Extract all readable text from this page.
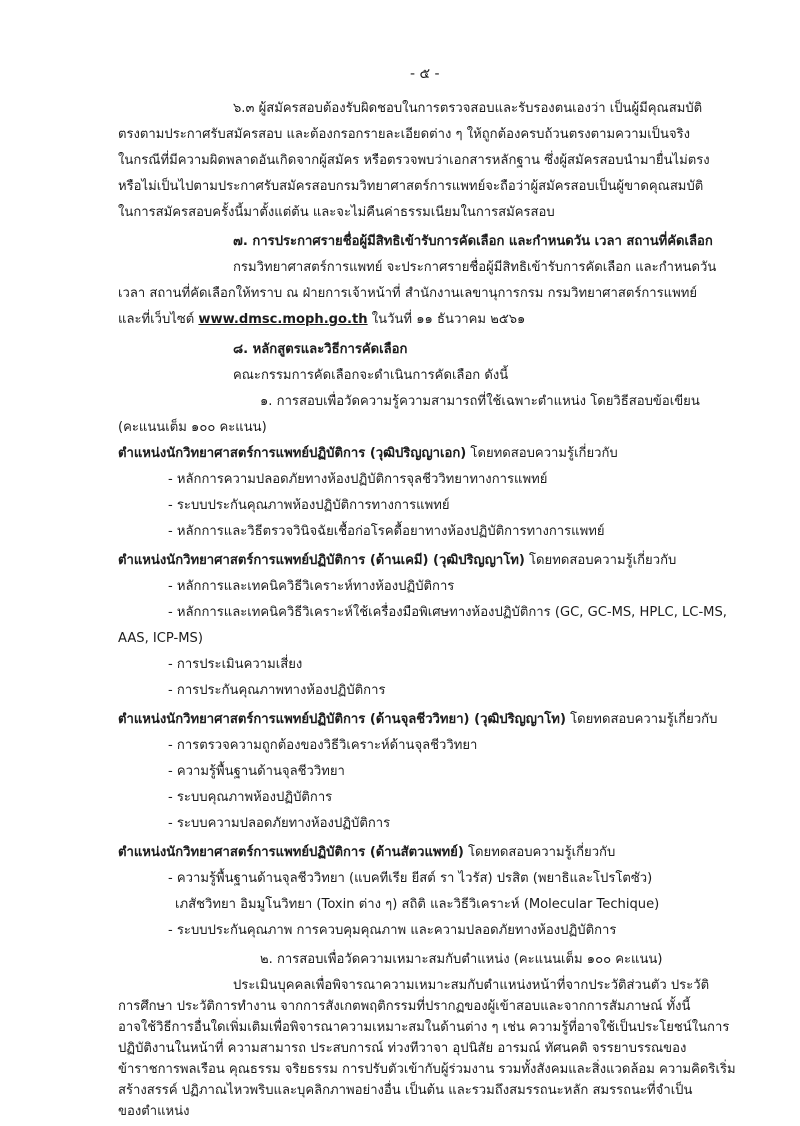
- ๕ -
๖.๓ ผู้สมัครสอบต้องรับผิดชอบในการตรวจสอบและรับรองตนเองว่า เป็นผู้มีคุณสมบัติ
ตรงตามประกาศรับสมัครสอบ และต้องกรอกรายละเอียดต่าง ๆ ให้ถูกต้องครบถ้วนตรงตามความเป็นจริง
ในกรณีที่มีความผิดพลาดอันเกิดจากผู้สมัคร หรือตรวจพบว่าเอกสารหลักฐาน ซึ่งผู้สมัครสอบนำมายื่นไม่ตรง
หรือไม่เป็นไปตามประกาศรับสมัครสอบกรมวิทยาศาสตร์การแพทย์จะถือว่าผู้สมัครสอบเป็นผู้ขาดคุณสมบัติ
ในการสมัครสอบครั้งนี้มาตั้งแต่ต้น และจะไม่คืนค่าธรรมเนียมในการสมัครสอบ
๗. การประกาศรายชื่อผู้มีสิทธิเข้ารับการคัดเลือก และกำหนดวัน เวลา สถานที่คัดเลือก
กรมวิทยาศาสตร์การแพทย์ จะประกาศรายชื่อผู้มีสิทธิเข้ารับการคัดเลือก และกำหนดวัน
เวลา สถานที่คัดเลือกให้ทราบ ณ ฝ่ายการเจ้าหน้าที่ สำนักงานเลขานุการกรม กรมวิทยาศาสตร์การแพทย์
และที่เว็บไซต์ www.dmsc.moph.go.th ในวันที่ ๑๑ ธันวาคม ๒๕๖๑
๘. หลักสูตรและวิธีการคัดเลือก
คณะกรรมการคัดเลือกจะดำเนินการคัดเลือก ดังนี้
๑. การสอบเพื่อวัดความรู้ความสามารถที่ใช้เฉพาะตำแหน่ง โดยวิธีสอบข้อเขียน
(คะแนนเต็ม ๑๐๐ คะแนน)
ตำแหน่งนักวิทยาศาสตร์การแพทย์ปฏิบัติการ (วุฒิปริญญาเอก) โดยทดสอบความรู้เกี่ยวกับ
- หลักการความปลอดภัยทางห้องปฏิบัติการจุลชีววิทยาทางการแพทย์
- ระบบประกันคุณภาพห้องปฏิบัติการทางการแพทย์
- หลักการและวิธีตรวจวินิจฉัยเชื้อก่อโรคดื้อยาทางห้องปฏิบัติการทางการแพทย์
ตำแหน่งนักวิทยาศาสตร์การแพทย์ปฏิบัติการ (ด้านเคมี) (วุฒิปริญญาโท) โดยทดสอบความรู้เกี่ยวกับ
- หลักการและเทคนิควิธีวิเคราะห์ทางห้องปฏิบัติการ
- หลักการและเทคนิควิธีวิเคราะห์ใช้เครื่องมือพิเศษทางห้องปฏิบัติการ (GC, GC-MS, HPLC, LC-MS,
AAS, ICP-MS)
- การประเมินความเสี่ยง
- การประกันคุณภาพทางห้องปฏิบัติการ
ตำแหน่งนักวิทยาศาสตร์การแพทย์ปฏิบัติการ (ด้านจุลชีววิทยา) (วุฒิปริญญาโท) โดยทดสอบความรู้เกี่ยวกับ
- การตรวจความถูกต้องของวิธีวิเคราะห์ด้านจุลชีววิทยา
- ความรู้พื้นฐานด้านจุลชีววิทยา
- ระบบคุณภาพห้องปฏิบัติการ
- ระบบความปลอดภัยทางห้องปฏิบัติการ
ตำแหน่งนักวิทยาศาสตร์การแพทย์ปฏิบัติการ (ด้านสัตวแพทย์) โดยทดสอบความรู้เกี่ยวกับ
- ความรู้พื้นฐานด้านจุลชีววิทยา (แบคทีเรีย ยีสต์ รา ไวรัส) ปรสิต (พยาธิและโปรโตซัว)
เภสัชวิทยา อิมมูโนวิทยา (Toxin ต่าง ๆ) สถิติ และวิธีวิเคราะห์ (Molecular Techique)
- ระบบประกันคุณภาพ การควบคุมคุณภาพ และความปลอดภัยทางห้องปฏิบัติการ
๒. การสอบเพื่อวัดความเหมาะสมกับตำแหน่ง (คะแนนเต็ม ๑๐๐ คะแนน)
ประเมินบุคคลเพื่อพิจารณาความเหมาะสมกับตำแหน่งหน้าที่จากประวัติส่วนตัว ประวัติ
การศึกษา ประวัติการทำงาน จากการสังเกตพฤติกรรมที่ปรากฏของผู้เข้าสอบและจากการสัมภาษณ์ ทั้งนี้
อาจใช้วิธีการอื่นใดเพิ่มเติมเพื่อพิจารณาความเหมาะสมในด้านต่าง ๆ เช่น ความรู้ที่อาจใช้เป็นประโยชน์ในการ
ปฏิบัติงานในหน้าที่ ความสามารถ ประสบการณ์ ท่วงทีวาจา อุปนิสัย อารมณ์ ทัศนคติ จรรยาบรรณของ
ข้าราชการพลเรือน คุณธรรม จริยธรรม การปรับตัวเข้ากับผู้ร่วมงาน รวมทั้งสังคมและสิ่งแวดล้อม ความคิดริเริ่ม
สร้างสรรค์ ปฏิภาณไหวพริบและบุคลิกภาพอย่างอื่น เป็นต้น และรวมถึงสมรรถนะหลัก สมรรถนะที่จำเป็น
ของตำแหน่ง
